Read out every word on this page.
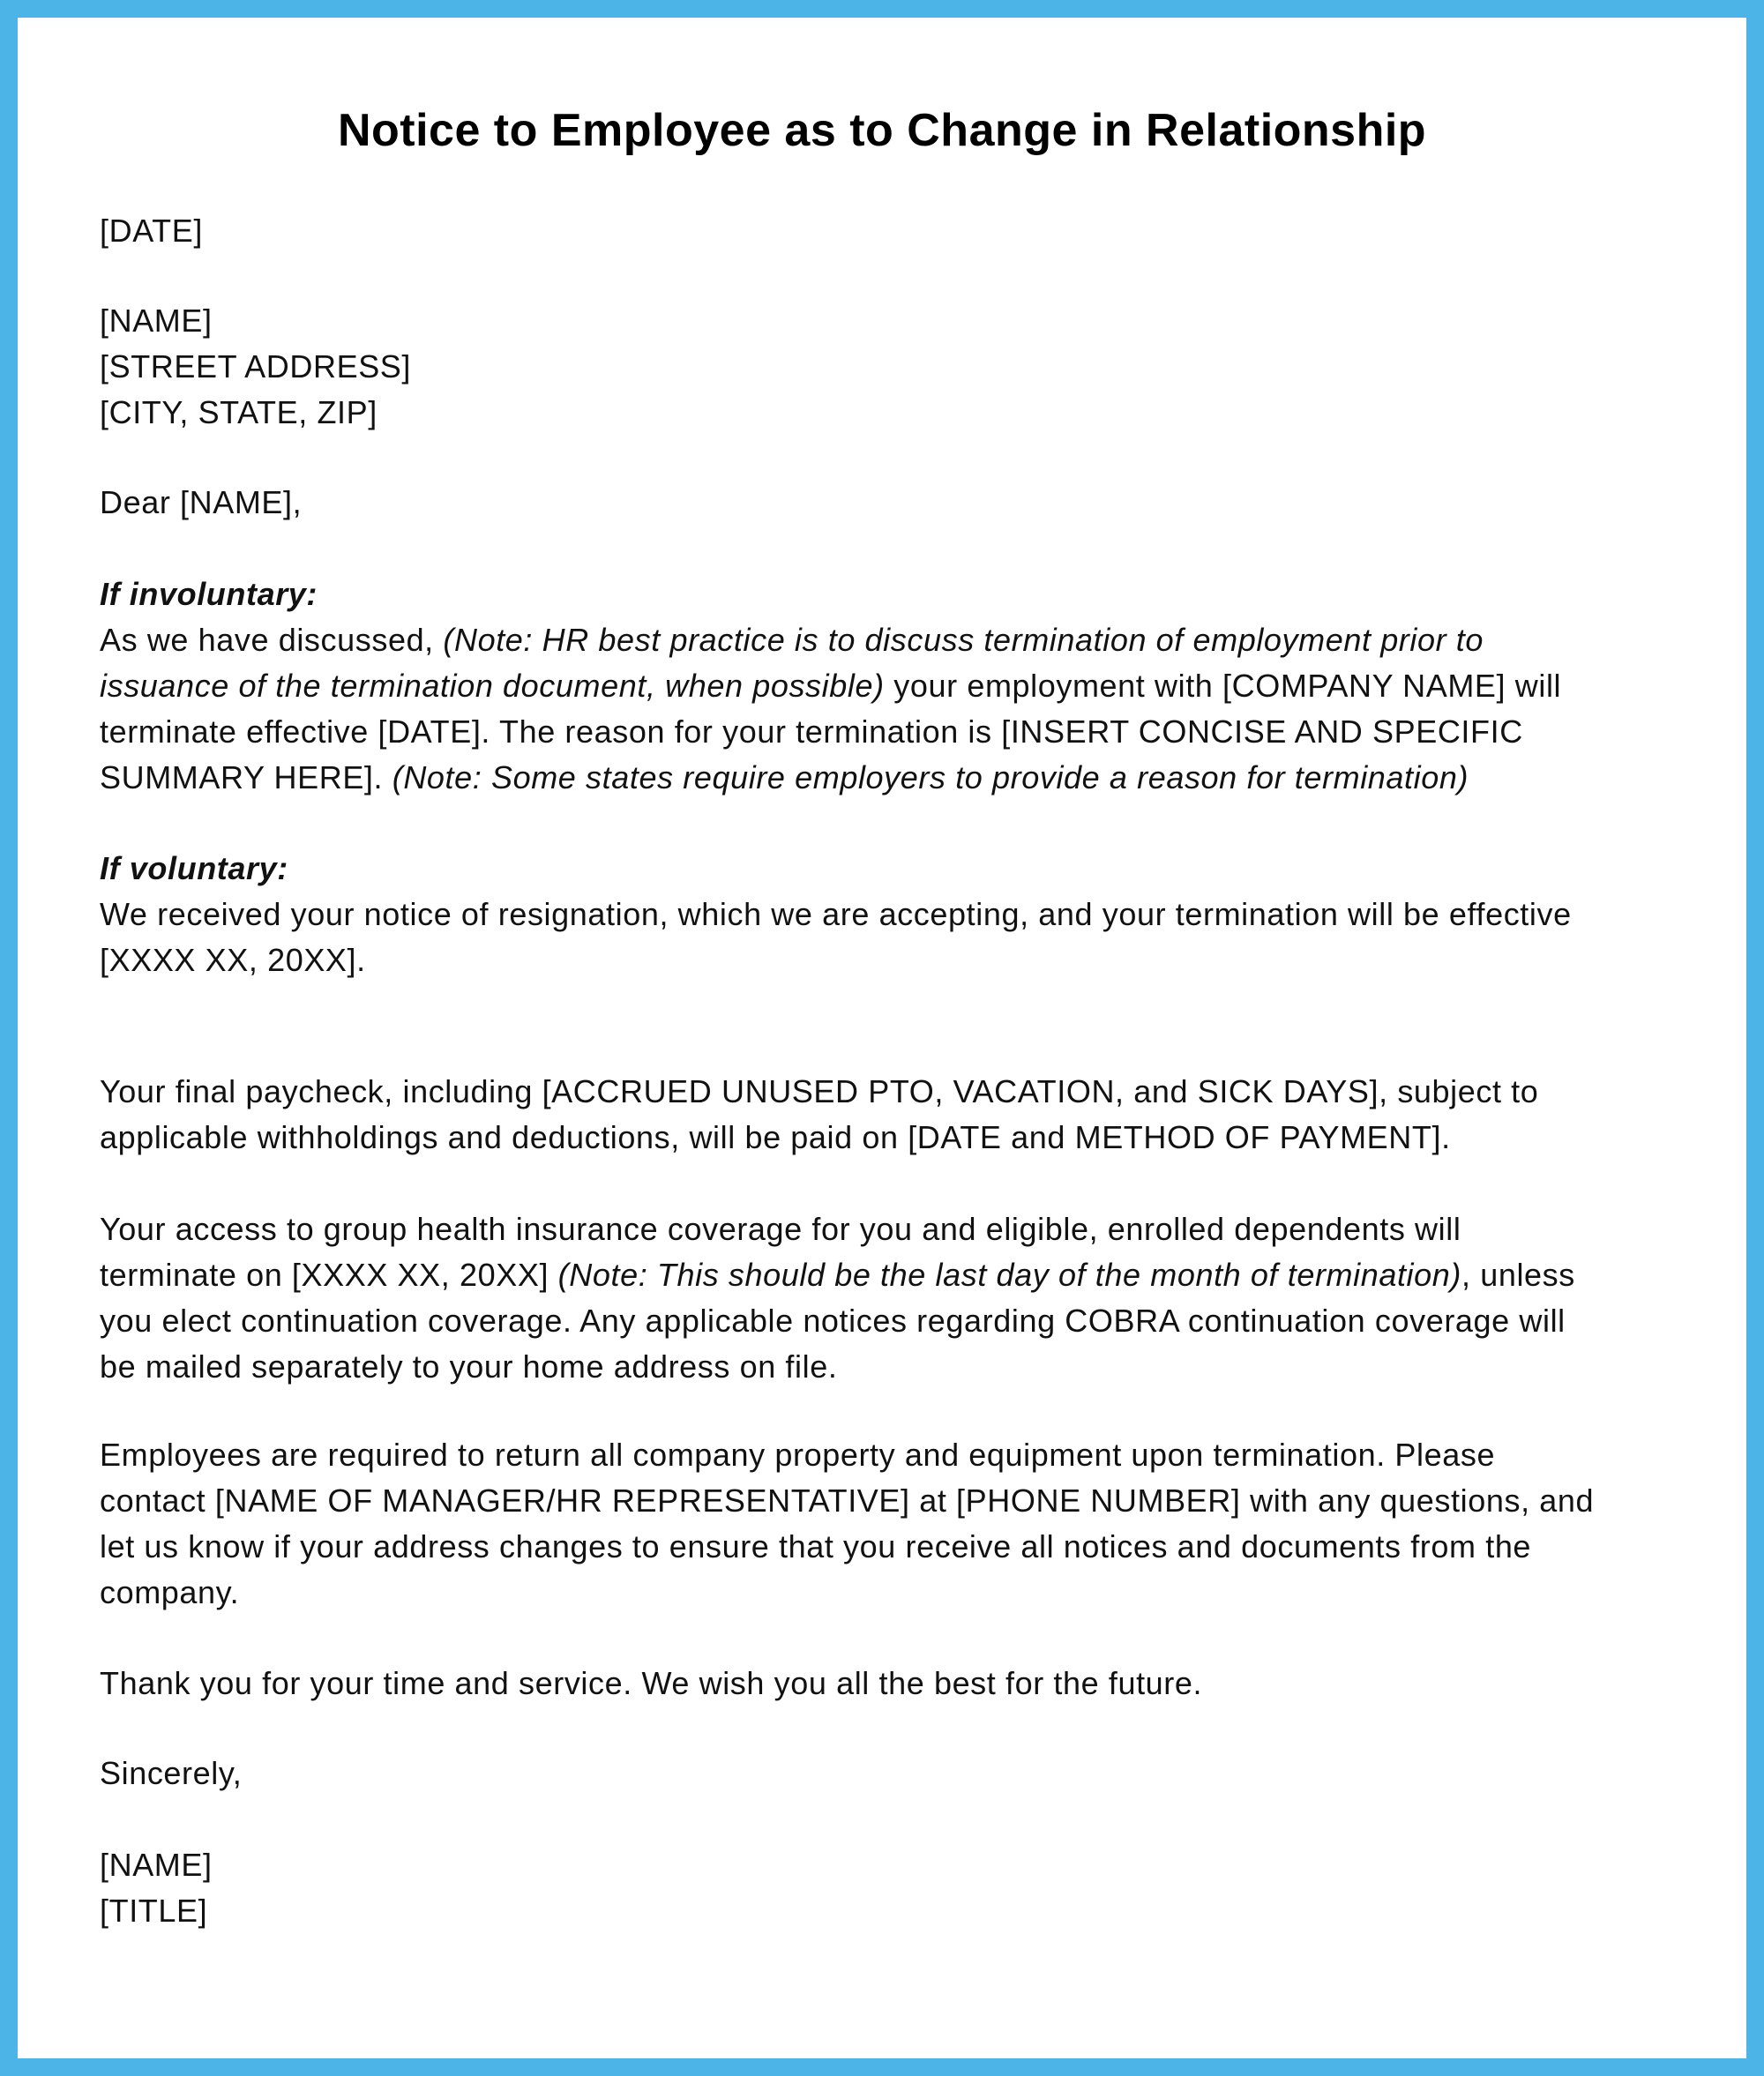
Notice to Employee as to Change in Relationship
[DATE]
[NAME]
[STREET ADDRESS]
[CITY, STATE, ZIP]
Dear [NAME],
If involuntary:
As we have discussed, (Note: HR best practice is to discuss termination of employment prior to
issuance of the termination document, when possible) your employment with [COMPANY NAME] will
terminate effective [DATE]. The reason for your termination is [INSERT CONCISE AND SPECIFIC
SUMMARY HERE]. (Note: Some states require employers to provide a reason for termination)
If voluntary:
We received your notice of resignation, which we are accepting, and your termination will be effective
[XXXX XX, 20XX].
Your final paycheck, including [ACCRUED UNUSED PTO, VACATION, and SICK DAYS], subject to
applicable withholdings and deductions, will be paid on [DATE and METHOD OF PAYMENT].
Your access to group health insurance coverage for you and eligible, enrolled dependents will
terminate on [XXXX XX, 20XX] (Note: This should be the last day of the month of termination), unless
you elect continuation coverage. Any applicable notices regarding COBRA continuation coverage will
be mailed separately to your home address on file.
Employees are required to return all company property and equipment upon termination. Please
contact [NAME OF MANAGER/HR REPRESENTATIVE] at [PHONE NUMBER] with any questions, and
let us know if your address changes to ensure that you receive all notices and documents from the
company.
Thank you for your time and service. We wish you all the best for the future.
Sincerely,
[NAME]
[TITLE]
